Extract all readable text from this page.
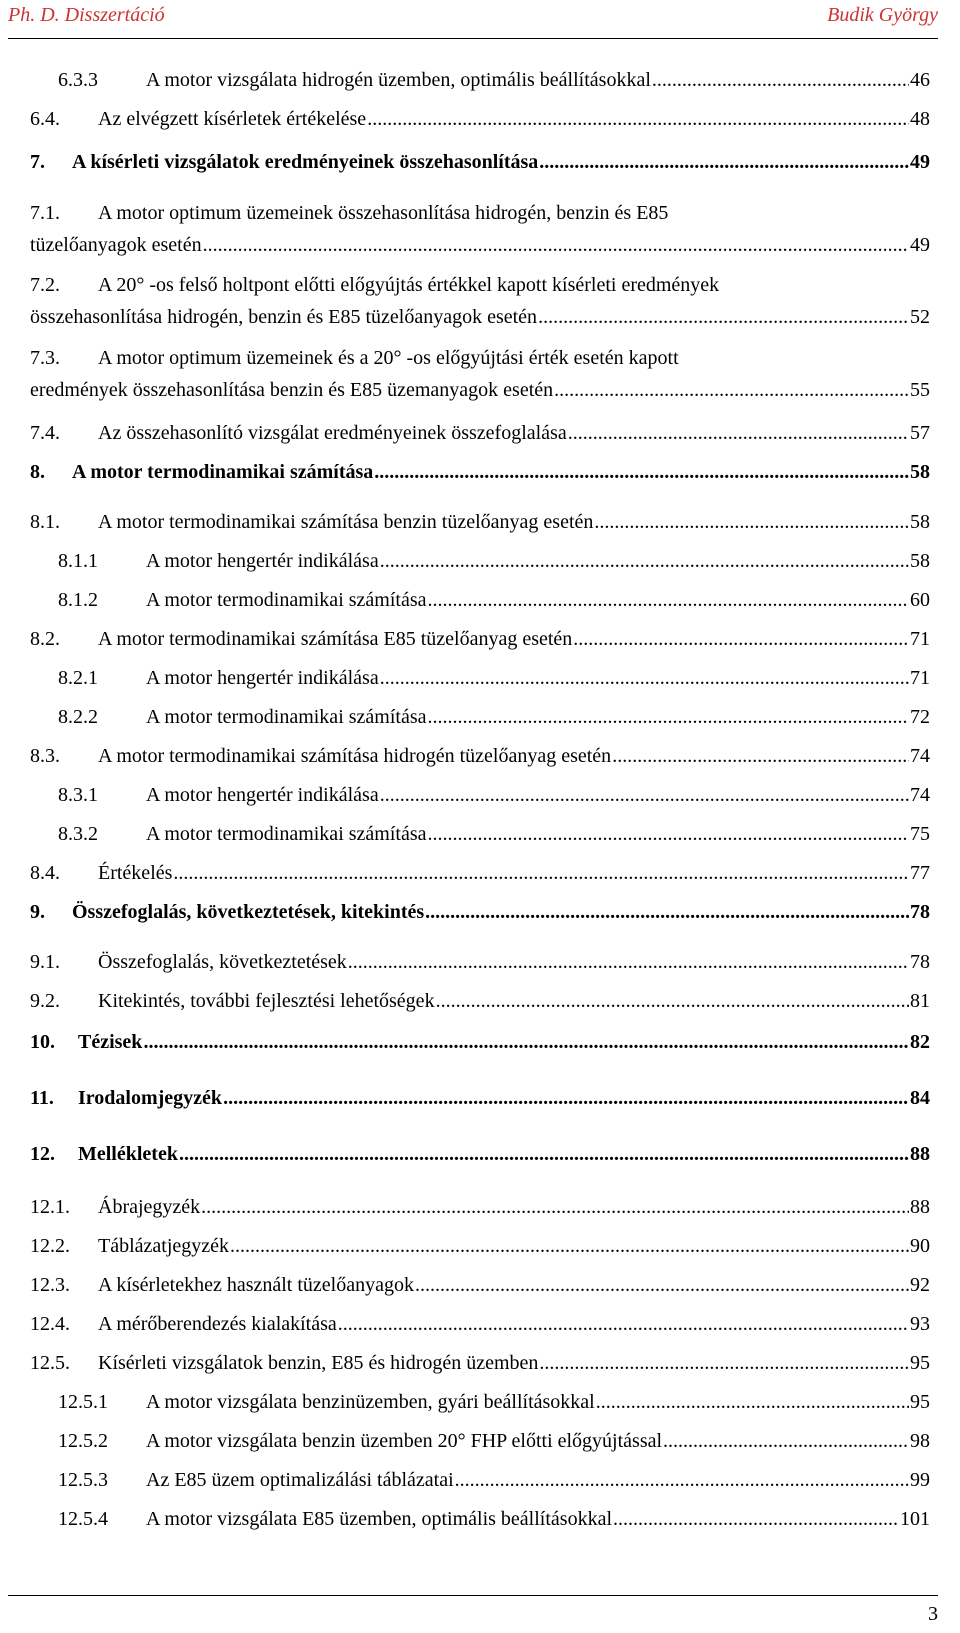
Ph. D. Disszertáció	Budik György
6.3.3	A motor vizsgálata hidrogén üzemben, optimális beállításokkal .....	46
6.4.	Az elvégzett kísérletek értékelése .....	48
7.	A kísérleti vizsgálatok eredményeinek összehasonlítása .....	49
7.1.	A motor optimum üzemeinek összehasonlítása hidrogén, benzin és E85
tüzelőanyagok esetén .....	49
7.2.	A 20° -os felső holtpont előtti előgyújtás értékkel kapott kísérleti eredmények
összehasonlítása hidrogén, benzin és E85 tüzelőanyagok esetén .....	52
7.3.	A motor optimum üzemeinek és a 20° -os előgyújtási érték esetén kapott
eredmények összehasonlítása benzin és E85 üzemanyagok esetén .....	55
7.4.	Az összehasonlító vizsgálat eredményeinek összefoglalása .....	57
8.	A motor termodinamikai számítása .....	58
8.1.	A motor termodinamikai számítása benzin tüzelőanyag esetén .....	58
8.1.1	A motor hengertér indikálása .....	58
8.1.2	A motor termodinamikai számítása .....	60
8.2.	A motor termodinamikai számítása E85 tüzelőanyag esetén .....	71
8.2.1	A motor hengertér indikálása .....	71
8.2.2	A motor termodinamikai számítása .....	72
8.3.	A motor termodinamikai számítása hidrogén tüzelőanyag esetén .....	74
8.3.1	A motor hengertér indikálása .....	74
8.3.2	A motor termodinamikai számítása .....	75
8.4.	Értékelés .....	77
9.	Összefoglalás, következtetések, kitekintés .....	78
9.1.	Összefoglalás, következtetések .....	78
9.2.	Kitekintés, további fejlesztési lehetőségek .....	81
10.	Tézisek .....	82
11.	Irodalomjegyzék .....	84
12.	Mellékletek .....	88
12.1.	Ábrajegyzék .....	88
12.2.	Táblázatjegyzék .....	90
12.3.	A kísérletekhez használt tüzelőanyagok .....	92
12.4.	A mérőberendezés kialakítása .....	93
12.5.	Kísérleti vizsgálatok benzin, E85 és hidrogén üzemben .....	95
12.5.1	A motor vizsgálata benzinüzemben, gyári beállításokkal .....	95
12.5.2	A motor vizsgálata benzin üzemben 20° FHP előtti előgyújtással .....	98
12.5.3	Az E85 üzem optimalizálási táblázatai .....	99
12.5.4	A motor vizsgálata E85 üzemben, optimális beállításokkal .....	101
3
